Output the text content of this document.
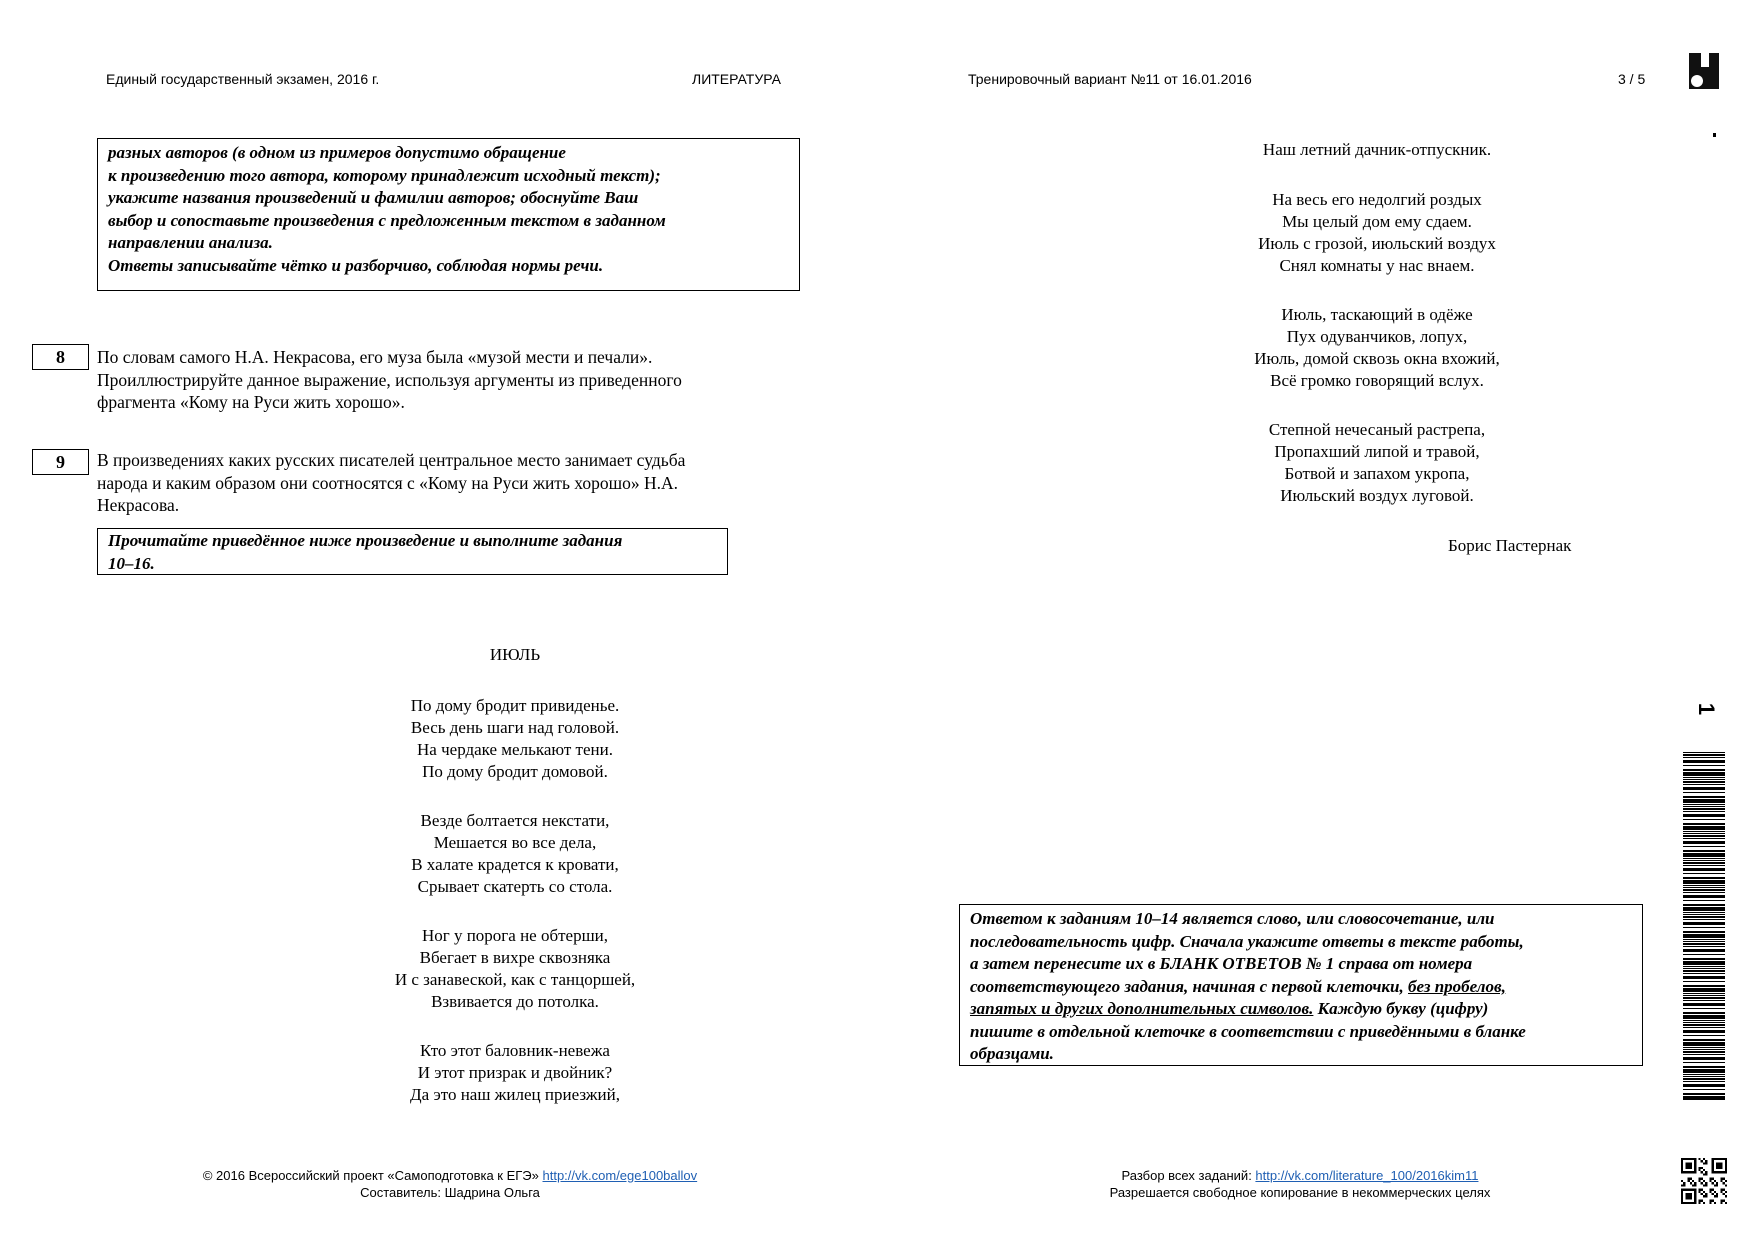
Единый государственный экзамен, 2016 г.	ЛИТЕРАТУРА	Тренировочный вариант №11 от 16.01.2016	3 / 5

разных авторов (в одном из примеров допустимо обращение

к произведению того автора, которому принадлежит исходный текст);

укажите названия произведений и фамилии авторов; обоснуйте Ваш

выбор и сопоставьте произведения с предложенным текстом в заданном

направлении анализа.

Ответы записывайте чётко и разборчиво, соблюдая нормы речи.

8	По словам самого Н.А. Некрасова, его муза была «музой мести и печали».
Проиллюстрируйте данное выражение, используя аргументы из приведенного
фрагмента «Кому на Руси жить хорошо».
9	В произведениях каких русских писателей центральное место занимает судьба
народа и каким образом они соотносятся с «Кому на Руси жить хорошо» Н.А.
Некрасова.

Прочитайте приведённое ниже произведение и выполните задания

10–16.

ИЮЛЬ
По дому бродит привиденье.
Весь день шаги над головой.
На чердаке мелькают тени.
По дому бродит домовой.
Везде болтается некстати,
Мешается во все дела,
В халате крадется к кровати,
Срывает скатерть со стола.
Ног у порога не обтерши,
Вбегает в вихре сквозняка
И с занавеской, как с танцоршей,
Взвивается до потолка.
Кто этот баловник-невежа
И этот призрак и двойник?
Да это наш жилец приезжий,
Наш летний дачник-отпускник.
На весь его недолгий роздых
Мы целый дом ему сдаем.
Июль с грозой, июльский воздух
Снял комнаты у нас внаем.
Июль, таскающий в одёже
Пух одуванчиков, лопух,
Июль, домой сквозь окна вхожий,
Всё громко говорящий вслух.
Степной нечесаный растрепа,
Пропахший липой и травой,
Ботвой и запахом укропа,
Июльский воздух луговой.
Борис Пастернак

Ответом к заданиям 10–14 является слово, или словосочетание, или

последовательность цифр. Сначала укажите ответы в тексте работы,

а затем перенесите их в БЛАНК ОТВЕТОВ № 1 справа от номера

соответствующего задания, начиная с первой клеточки, без пробелов,

запятых и других дополнительных символов. Каждую букву (цифру)

пишите в отдельной клеточке в соответствии с приведёнными в бланке

образцами.

1
© 2016 Всероссийский проект «Самоподготовка к ЕГЭ» http://vk.com/ege100ballov
Составитель: Шадрина Ольга
Разбор всех заданий: http://vk.com/literature_100/2016kim11
Разрешается свободное копирование в некоммерческих целях
